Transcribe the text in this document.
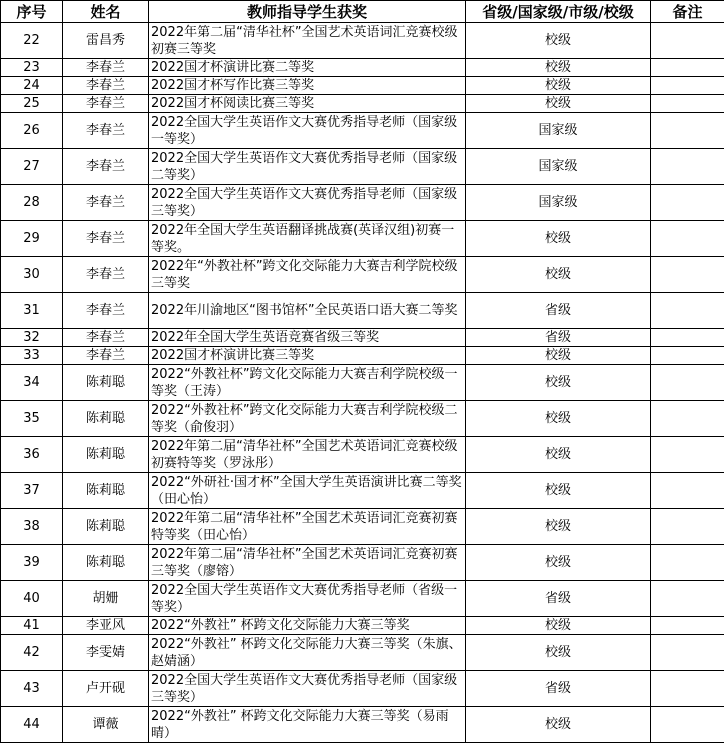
序号	姓名	教师指导学生获奖	省级/国家级/市级/校级	备注
22	雷昌秀	2022年第二届“清华社杯”全国艺术英语词汇竞赛校级初赛三等奖	校级	
23	李春兰	2022国才杯演讲比赛二等奖	校级	
24	李春兰	2022国才杯写作比赛三等奖	校级	
25	李春兰	2022国才杯阅读比赛三等奖	校级	
26	李春兰	2022全国大学生英语作文大赛优秀指导老师（国家级一等奖）	国家级	
27	李春兰	2022全国大学生英语作文大赛优秀指导老师（国家级二等奖）	国家级	
28	李春兰	2022全国大学生英语作文大赛优秀指导老师（国家级三等奖）	国家级	
29	李春兰	2022年全国大学生英语翻译挑战赛(英译汉组)初赛一等奖。	校级	
30	李春兰	2022年“外教社杯”跨文化交际能力大赛吉利学院校级三等奖	校级	
31	李春兰	2022年川渝地区“图书馆杯”全民英语口语大赛二等奖	省级	
32	李春兰	2022年全国大学生英语竞赛省级三等奖	省级	
33	李春兰	2022国才杯演讲比赛三等奖	校级	
34	陈莉聪	2022“外教社杯”跨文化交际能力大赛吉利学院校级一等奖（王涛）	校级	
35	陈莉聪	2022“外教社杯”跨文化交际能力大赛吉利学院校级二等奖（俞俊羽）	校级	
36	陈莉聪	2022年第二届“清华社杯”全国艺术英语词汇竞赛校级初赛特等奖（罗泳彤）	校级	
37	陈莉聪	2022“外研社·国才杯”全国大学生英语演讲比赛二等奖（田心怡）	校级	
38	陈莉聪	2022年第二届“清华社杯”全国艺术英语词汇竞赛初赛特等奖（田心怡）	校级	
39	陈莉聪	2022年第二届“清华社杯”全国艺术英语词汇竞赛初赛三等奖（廖镕）	校级	
40	胡姗	2022全国大学生英语作文大赛优秀指导老师（省级一等奖）	省级	
41	李亚风	2022“外教社” 杯跨文化交际能力大赛三等奖	校级	
42	李雯婧	2022“外教社” 杯跨文化交际能力大赛三等奖（朱旗、赵婧涵）	校级	
43	卢开砚	2022全国大学生英语作文大赛优秀指导老师（国家级三等奖）	省级	
44	谭薇	2022“外教社” 杯跨文化交际能力大赛三等奖（易雨晴）	校级	
